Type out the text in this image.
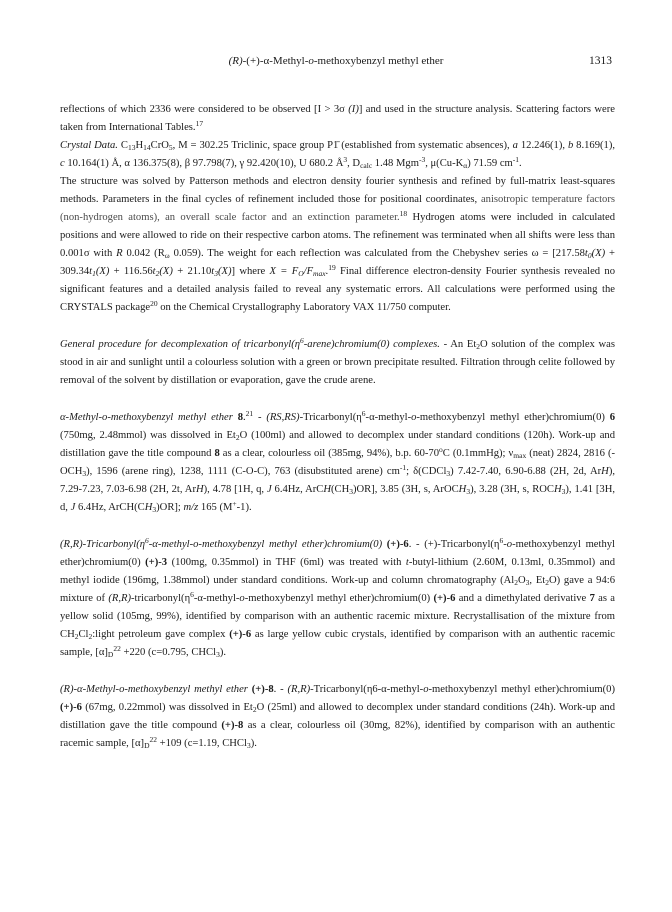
(R)-(+)-α-Methyl-o-methoxybenzyl methyl ether	1313

reflections of which 2336 were considered to be observed [I > 3σ (I)] and used in the structure analysis. Scattering factors were taken from International Tables.$^{17}$

Crystal Data. $C_{13}H_{14}CrO_5$, M = 302.25 Triclinic, space group P1̄ (established from systematic absences), a 12.246(1), b 8.169(1), c 10.164(1) Å, α 136.375(8), β 97.798(7), γ 92.420(10), U 680.2 $Å^3$, $D_{calc}$ 1.48 Mgm$^{-3}$, $\mu(Cu-K_\alpha)$ 71.59 $cm^{-1}$.

The structure was solved by Patterson methods and electron density fourier synthesis and refined by full-matrix least-squares methods. Parameters in the final cycles of refinement included those for positional coordinates, anisotropic temperature factors (non-hydrogen atoms), an overall scale factor and an extinction parameter.$^{18}$ Hydrogen atoms were included in calculated positions and were allowed to ride on their respective carbon atoms. The refinement was terminated when all shifts were less than 0.001σ with R 0.042 ($R_\omega$ 0.059). The weight for each reflection was calculated from the Chebyshev series $\omega = [217.58t_0(X) + 309.34t_1(X) + 116.56t_2(X) + 21.10t_3(X)]$ where $X = F_O/F_{max}.^{19}$ Final difference electron-density Fourier synthesis revealed no significant features and a detailed analysis failed to reveal any systematic errors. All calculations were performed using the CRYSTALS package$^{20}$ on the Chemical Crystallography Laboratory VAX 11/750 computer.

General procedure for decomplexation of $tricarbonyl(\eta^6-arene)chromium(0)$ complexes. - An $Et_2O$ solution of the complex was stood in air and sunlight until a colourless solution with a green or brown precipitate resulted. Filtration through celite followed by removal of the solvent by distillation or evaporation, gave the crude arene.

α-Methyl-o-methoxybenzyl methyl ether $8.21 - (RS,RS)-Tricarbonyl(\eta^6-\alpha-methyl-o$-methoxybenzyl methyl ether)chromium(0) 6 (750mg, 2.48mmol) was dissolved in $Et_2O$ (100ml) and allowed to decomplex under standard conditions (120h). Work-up and distillation gave the title compound 8 as a clear, colourless oil (385mg, 94%), b.p. 60-70$^o$C (0.1mmHg); $\nu_{max}$ (neat) 2824, 2816 $(-OCH_3)$, 1596 (arene ring), 1238, 1111 (C-O-C), 763 (disubstituted arene) $cm^{-1}$; δ(CDCl$_3$) 7.42-7.40, 6.90-6.88 (2H, 2d, ArH), 7.29-7.23, 7.03-6.98 (2H, 2t, ArH), 4.78 [1H, q, J 6.4Hz, $ArCH(CH_3)OR$], 3.85 (3H, s, ArOCH$_3$), 3.28 (3H, s, $ROCH_3$), 1.41 [3H, d, J 6.4Hz, $ArCH(CH_3)OR$]; m/z 165 (M+-1).

$(R,R)-Tricarbonyl(\eta^6-\alpha-methyl-o$-methoxybenzyl methyl ether)chromium(0) (+)-6. - $(+)-Tricarbonyl(\eta^6-o$-methoxybenzyl methyl ether)chromium(0) (+)-3 (100mg, 0.35mmol) in THF (6ml) was treated with t-butyl-lithium (2.60M, 0.13ml, 0.35mmol) and methyl iodide (196mg, 1.38mmol) under standard conditions. Work-up and column chromatography ($Al_2O_3$, $Et_2O$) gave a 94:6 mixture of $(R,R)-tricarbonyl(\eta^6-\alpha-methyl-o$-methoxybenzyl methyl ether)chromium(0) (+)-6 and a dimethylated derivative 7 as a yellow solid (105mg, 99%), identified by comparison with an authentic racemic mixture. Recrystallisation of the mixture from $CH_2Cl_2:light$ petroleum gave complex (+)-6 as large yellow cubic crystals, identified by comparison with an authentic racemic sample, $[\alpha]_D^{22} +220$ (c=0.795, CHCl$_3$).

(R)-α-Methyl-o-methoxybenzyl methyl ether (+)-8. - (R,R)-Tricarbonyl(η6-α-methyl-o-methoxybenzyl methyl ether)chromium(0) (+)-6 (67mg, 0.22mmol) was dissolved in $Et_2O$ (25ml) and allowed to decomplex under standard conditions (24h). Work-up and distillation gave the title compound (+)-8 as a clear, colourless oil (30mg, 82%), identified by comparison with an authentic racemic sample, $[\alpha]_D^{22} +109$ (c=1.19, CHCl$_3$).
